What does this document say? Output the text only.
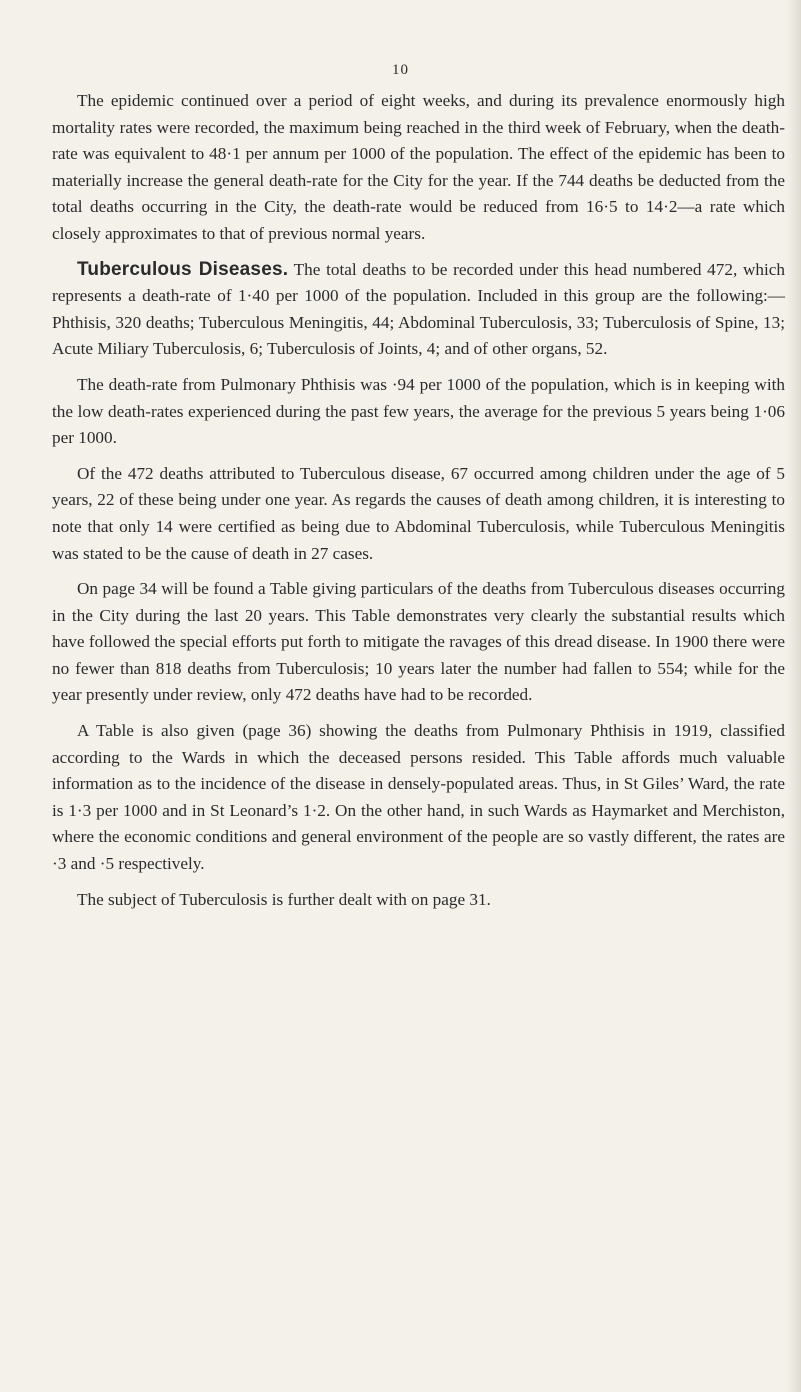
10

The epidemic continued over a period of eight weeks, and during its prevalence enormously high mortality rates were recorded, the maximum being reached in the third week of February, when the death-rate was equivalent to 48·1 per annum per 1000 of the population. The effect of the epidemic has been to materially increase the general death-rate for the City for the year. If the 744 deaths be deducted from the total deaths occurring in the City, the death-rate would be reduced from 16·5 to 14·2—a rate which closely approximates to that of previous normal years.

Tuberculous Diseases. The total deaths to be recorded under this head numbered 472, which represents a death-rate of 1·40 per 1000 of the population. Included in this group are the following:—Phthisis, 320 deaths; Tuberculous Meningitis, 44; Abdominal Tuberculosis, 33; Tuberculosis of Spine, 13; Acute Miliary Tuberculosis, 6; Tuberculosis of Joints, 4; and of other organs, 52.

The death-rate from Pulmonary Phthisis was ·94 per 1000 of the population, which is in keeping with the low death-rates experienced during the past few years, the average for the previous 5 years being 1·06 per 1000.

Of the 472 deaths attributed to Tuberculous disease, 67 occurred among children under the age of 5 years, 22 of these being under one year. As regards the causes of death among children, it is interesting to note that only 14 were certified as being due to Abdominal Tuberculosis, while Tuberculous Meningitis was stated to be the cause of death in 27 cases.

On page 34 will be found a Table giving particulars of the deaths from Tuberculous diseases occurring in the City during the last 20 years. This Table demonstrates very clearly the substantial results which have followed the special efforts put forth to mitigate the ravages of this dread disease. In 1900 there were no fewer than 818 deaths from Tuberculosis; 10 years later the number had fallen to 554; while for the year presently under review, only 472 deaths have had to be recorded.

A Table is also given (page 36) showing the deaths from Pulmonary Phthisis in 1919, classified according to the Wards in which the deceased persons resided. This Table affords much valuable information as to the incidence of the disease in densely-populated areas. Thus, in St Giles’ Ward, the rate is 1·3 per 1000 and in St Leonard’s 1·2. On the other hand, in such Wards as Haymarket and Merchiston, where the economic conditions and general environment of the people are so vastly different, the rates are ·3 and ·5 respectively.

The subject of Tuberculosis is further dealt with on page 31.
